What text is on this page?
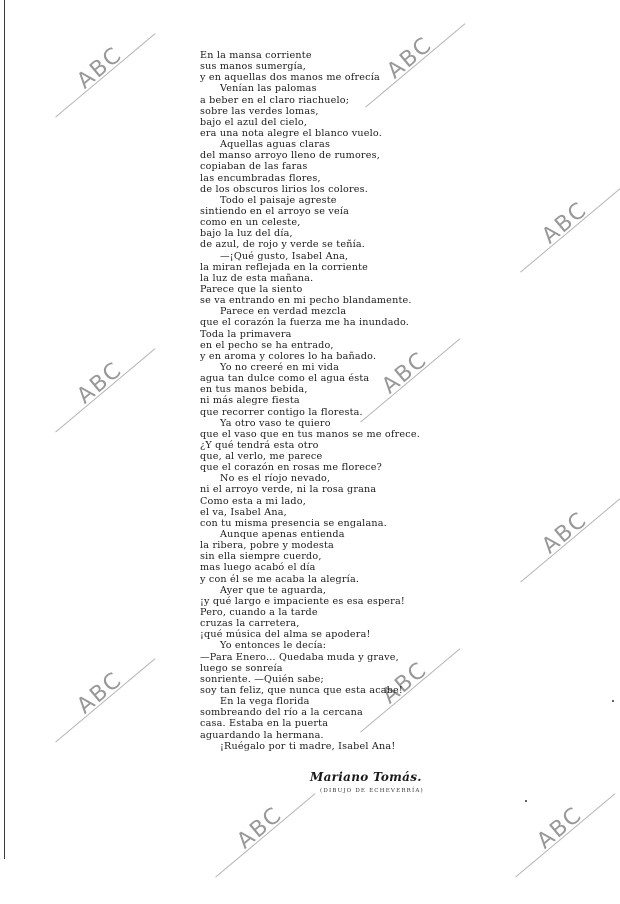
ABC	ABC
ABC
ABC	ABC
ABC
ABC	ABC
ABC	ABC
En la mansa corriente
sus manos sumergía,
y en aquellas dos manos me ofrecía
Venían las palomas
a beber en el claro riachuelo;
sobre las verdes lomas,
bajo el azul del cielo,
era una nota alegre el blanco vuelo.
Aquellas aguas claras
del manso arroyo lleno de rumores,
copiaban de las faras
las encumbradas flores,
de los obscuros lirios los colores.
Todo el paisaje agreste
sintiendo en el arroyo se veía
como en un celeste,
bajo la luz del día,
de azul, de rojo y verde se teñía.
—¡Qué gusto, Isabel Ana,
la miran reflejada en la corriente
la luz de esta mañana.
Parece que la siento
se va entrando en mi pecho blandamente.
Parece en verdad mezcla
que el corazón la fuerza me ha inundado.
Toda la primavera
en el pecho se ha entrado,
y en aroma y colores lo ha bañado.
Yo no creeré en mi vida
agua tan dulce como el agua ésta
en tus manos bebida,
ni más alegre fiesta
que recorrer contigo la floresta.
Ya otro vaso te quiero
que el vaso que en tus manos se me ofrece.
¿Y qué tendrá esta otro
que, al verlo, me parece
que el corazón en rosas me florece?
No es el ríojo nevado,
ni el arroyo verde, ni la rosa grana
Como esta a mi lado,
el va, Isabel Ana,
con tu misma presencia se engalana.
Aunque apenas entienda
la ribera, pobre y modesta
sin ella siempre cuerdo,
mas luego acabó el día
y con él se me acaba la alegría.
Ayer que te aguarda,
¡y qué largo e impaciente es esa espera!
Pero, cuando a la tarde
cruzas la carretera,
¡qué música del alma se apodera!
Yo entonces le decía:
—Para Enero... Quedaba muda y grave,
luego se sonreía
sonriente. —Quién sabe;
soy tan feliz, que nunca que esta acabe!
En la vega florida
sombreando del río a la cercana
casa. Estaba en la puerta
aguardando la hermana.
¡Ruégalo por ti madre, Isabel Ana!
Mariano Tomás.
(DIBUJO DE ECHEVERRÍA)
